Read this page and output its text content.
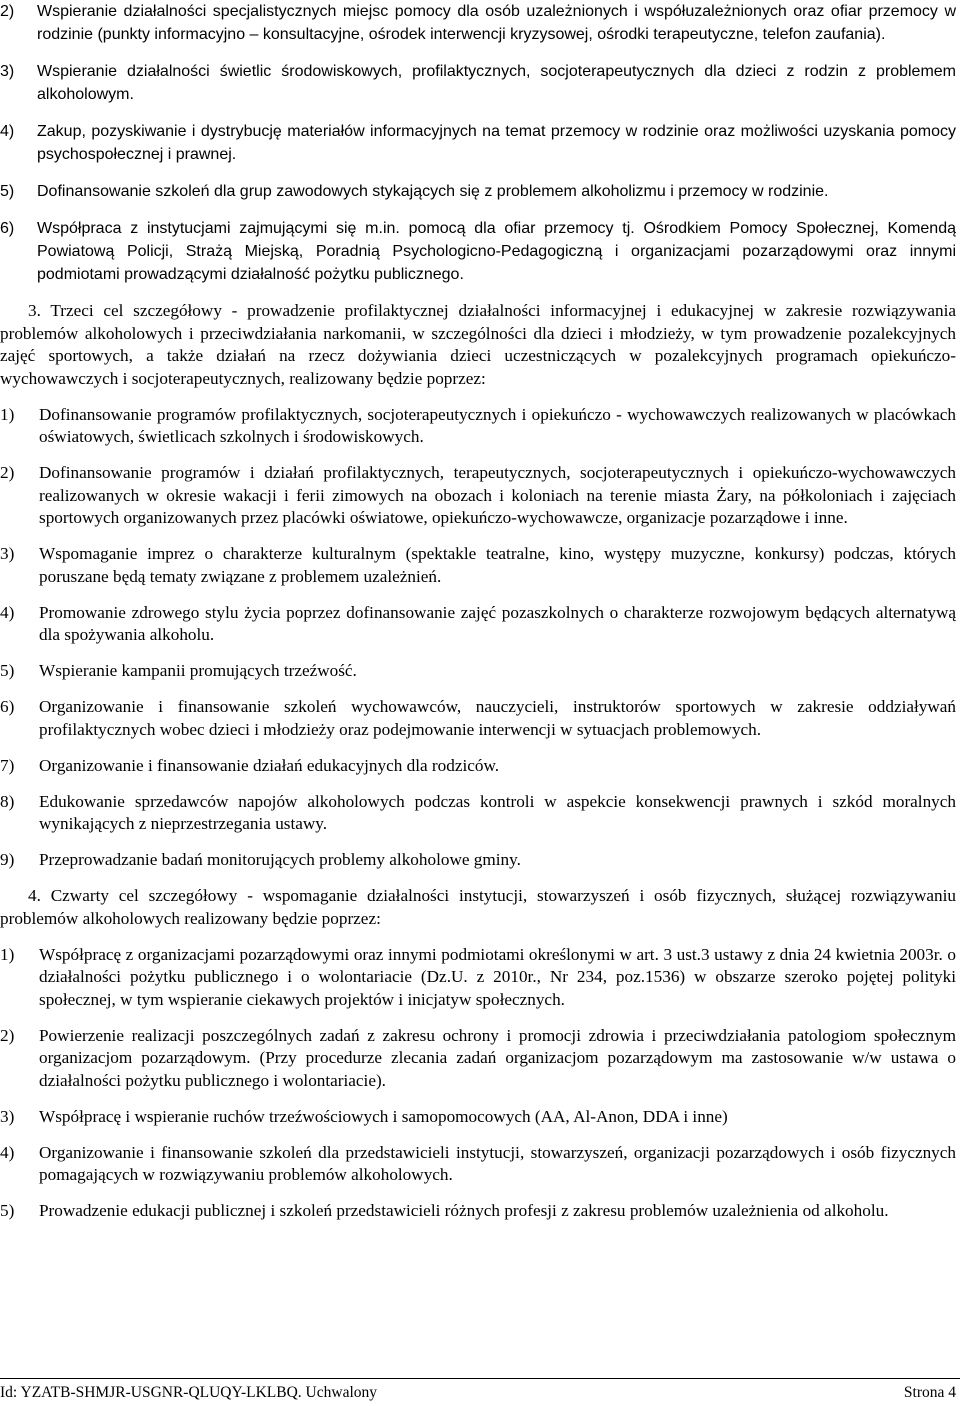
2) Wspieranie działalności specjalistycznych miejsc pomocy dla osób uzależnionych i współuzależnionych oraz ofiar przemocy w rodzinie (punkty informacyjno – konsultacyjne, ośrodek interwencji kryzysowej, ośrodki terapeutyczne, telefon zaufania).

3) Wspieranie działalności świetlic środowiskowych, profilaktycznych, socjoterapeutycznych dla dzieci z rodzin z problemem alkoholowym.

4) Zakup, pozyskiwanie i dystrybucję materiałów informacyjnych na temat przemocy w rodzinie oraz możliwości uzyskania pomocy psychospołecznej i prawnej.

5) Dofinansowanie szkoleń dla grup zawodowych stykających się z problemem alkoholizmu i przemocy w rodzinie.

6) Współpraca z instytucjami zajmującymi się m.in. pomocą dla ofiar przemocy tj. Ośrodkiem Pomocy Społecznej, Komendą Powiatową Policji, Strażą Miejską, Poradnią Psychologicno-Pedagogiczną i organizacjami pozarządowymi oraz innymi podmiotami prowadzącymi działalność pożytku publicznego.

3. Trzeci cel szczegółowy - prowadzenie profilaktycznej działalności informacyjnej i edukacyjnej w zakresie rozwiązywania problemów alkoholowych i przeciwdziałania narkomanii, w szczególności dla dzieci i młodzieży, w tym prowadzenie pozalekcyjnych zajęć sportowych, a także działań na rzecz dożywiania dzieci uczestniczących w pozalekcyjnych programach opiekuńczo-wychowawczych i socjoterapeutycznych, realizowany będzie poprzez:

1) Dofinansowanie programów profilaktycznych, socjoterapeutycznych i opiekuńczo - wychowawczych realizowanych w placówkach oświatowych, świetlicach szkolnych i środowiskowych.

2) Dofinansowanie programów i działań profilaktycznych, terapeutycznych, socjoterapeutycznych i opiekuńczo-wychowawczych realizowanych w okresie wakacji i ferii zimowych na obozach i koloniach na terenie miasta Żary, na półkoloniach i zajęciach sportowych organizowanych przez placówki oświatowe, opiekuńczo-wychowawcze, organizacje pozarządowe i inne.

3) Wspomaganie imprez o charakterze kulturalnym (spektakle teatralne, kino, występy muzyczne, konkursy) podczas, których poruszane będą tematy związane z problemem uzależnień.

4) Promowanie zdrowego stylu życia poprzez dofinansowanie zajęć pozaszkolnych o charakterze rozwojowym będących alternatywą dla spożywania alkoholu.

5) Wspieranie kampanii promujących trzeźwość.

6) Organizowanie i finansowanie szkoleń wychowawców, nauczycieli, instruktorów sportowych w zakresie oddziaływań profilaktycznych wobec dzieci i młodzieży oraz podejmowanie interwencji w sytuacjach problemowych.

7) Organizowanie i finansowanie działań edukacyjnych dla rodziców.

8) Edukowanie sprzedawców napojów alkoholowych podczas kontroli w aspekcie konsekwencji prawnych i szkód moralnych wynikających z nieprzestrzegania ustawy.

9) Przeprowadzanie badań monitorujących problemy alkoholowe gminy.

4. Czwarty cel szczegółowy - wspomaganie działalności instytucji, stowarzyszeń i osób fizycznych, służącej rozwiązywaniu problemów alkoholowych realizowany będzie poprzez:

1) Współpracę z organizacjami pozarządowymi oraz innymi podmiotami określonymi w art. 3 ust.3 ustawy z dnia 24 kwietnia 2003r. o działalności pożytku publicznego i o wolontariacie (Dz.U. z 2010r., Nr 234, poz.1536) w obszarze szeroko pojętej polityki społecznej, w tym wspieranie ciekawych projektów i inicjatyw społecznych.

2) Powierzenie realizacji poszczególnych zadań z zakresu ochrony i promocji zdrowia i przeciwdziałania patologiom społecznym organizacjom pozarządowym. (Przy procedurze zlecania zadań organizacjom pozarządowym ma zastosowanie w/w ustawa o działalności pożytku publicznego i wolontariacie).

3) Współpracę i wspieranie ruchów trzeźwościowych i samopomocowych (AA, Al-Anon, DDA i inne)

4) Organizowanie i finansowanie szkoleń dla przedstawicieli instytucji, stowarzyszeń, organizacji pozarządowych i osób fizycznych pomagających w rozwiązywaniu problemów alkoholowych.

5) Prowadzenie edukacji publicznej i szkoleń przedstawicieli różnych profesji z zakresu problemów uzależnienia od alkoholu.

Id: YZATB-SHMJR-USGNR-QLUQY-LKLBQ. Uchwalony	Strona 4
